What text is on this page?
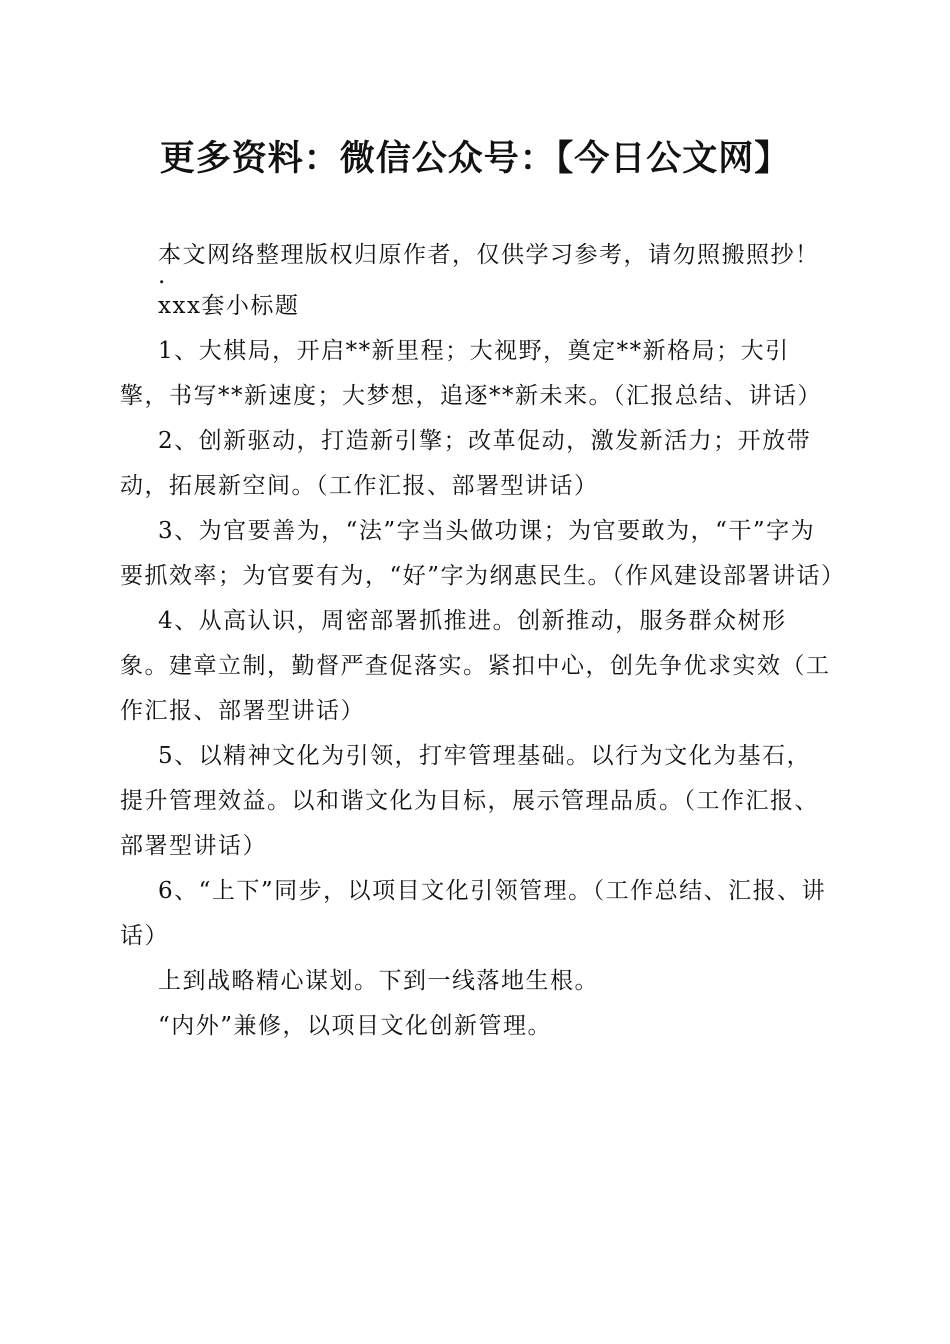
更多资料：微信公众号：【今日公文网】

本文网络整理版权归原作者，仅供学习参考，请勿照搬照抄！

.

xxx套小标题

1、大棋局，开启**新里程；大视野，奠定**新格局；大引擎，书写**新速度；大梦想，追逐**新未来。（汇报总结、讲话）

2、创新驱动，打造新引擎；改革促动，激发新活力；开放带动，拓展新空间。（工作汇报、部署型讲话）

3、为官要善为，“法”字当头做功课；为官要敢为，“干”字为要抓效率；为官要有为，“好”字为纲惠民生。（作风建设部署讲话）

4、从高认识，周密部署抓推进。创新推动，服务群众树形象。建章立制，勤督严查促落实。紧扣中心，创先争优求实效（工作汇报、部署型讲话）

5、以精神文化为引领，打牢管理基础。以行为文化为基石，提升管理效益。以和谐文化为目标，展示管理品质。（工作汇报、部署型讲话）

6、“上下”同步，以项目文化引领管理。（工作总结、汇报、讲话）

上到战略精心谋划。下到一线落地生根。

“内外”兼修，以项目文化创新管理。
